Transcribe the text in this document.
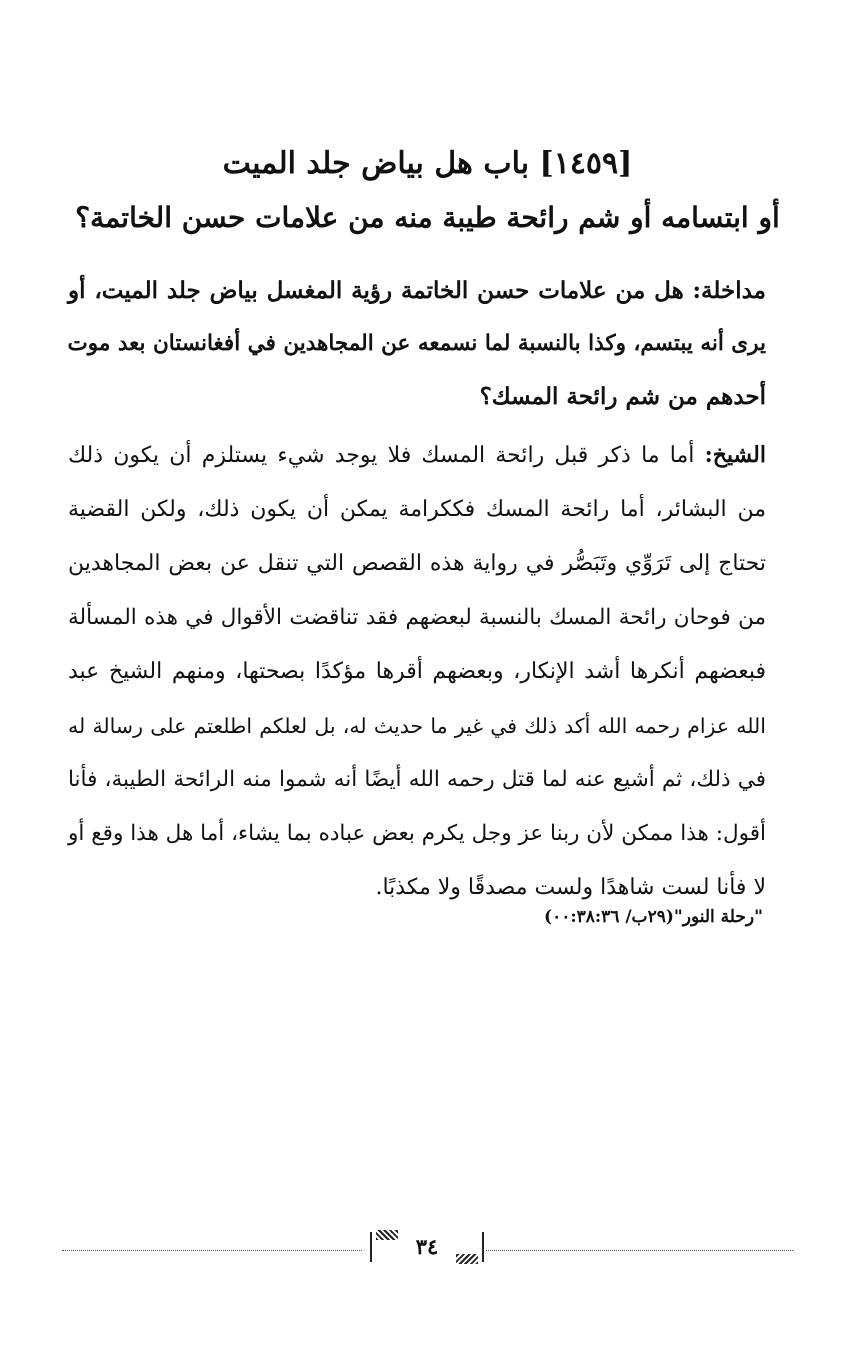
[١٤٥٩] باب هل بياض جلد الميت
أو ابتسامه أو شم رائحة طيبة منه من علامات حسن الخاتمة؟
مداخلة: هل من علامات حسن الخاتمة رؤية المغسل بياض جلد الميت، أو
يرى أنه يبتسم، وكذا بالنسبة لما نسمعه عن المجاهدين في أفغانستان بعد موت
أحدهم من شم رائحة المسك؟
الشيخ: أما ما ذكر قبل رائحة المسك فلا يوجد شيء يستلزم أن يكون ذلك
من البشائر، أما رائحة المسك فككرامة يمكن أن يكون ذلك، ولكن القضية
تحتاج إلى تَرَوِّي وتَبَصُّر في رواية هذه القصص التي تنقل عن بعض المجاهدين
من فوحان رائحة المسك بالنسبة لبعضهم فقد تناقضت الأقوال في هذه المسألة
فبعضهم أنكرها أشد الإنكار، وبعضهم أقرها مؤكدًا بصحتها، ومنهم الشيخ عبد
الله عزام رحمه الله أكد ذلك في غير ما حديث له، بل لعلكم اطلعتم على رسالة له
في ذلك، ثم أشيع عنه لما قتل رحمه الله أيضًا أنه شموا منه الرائحة الطيبة، فأنا
أقول: هذا ممكن لأن ربنا عز وجل يكرم بعض عباده بما يشاء، أما هل هذا وقع أو
لا فأنا لست شاهدًا ولست مصدقًا ولا مكذبًا.
"رحلة النور"(٢٩ب/ ٠٠:٣٨:٣٦)
٣٤
